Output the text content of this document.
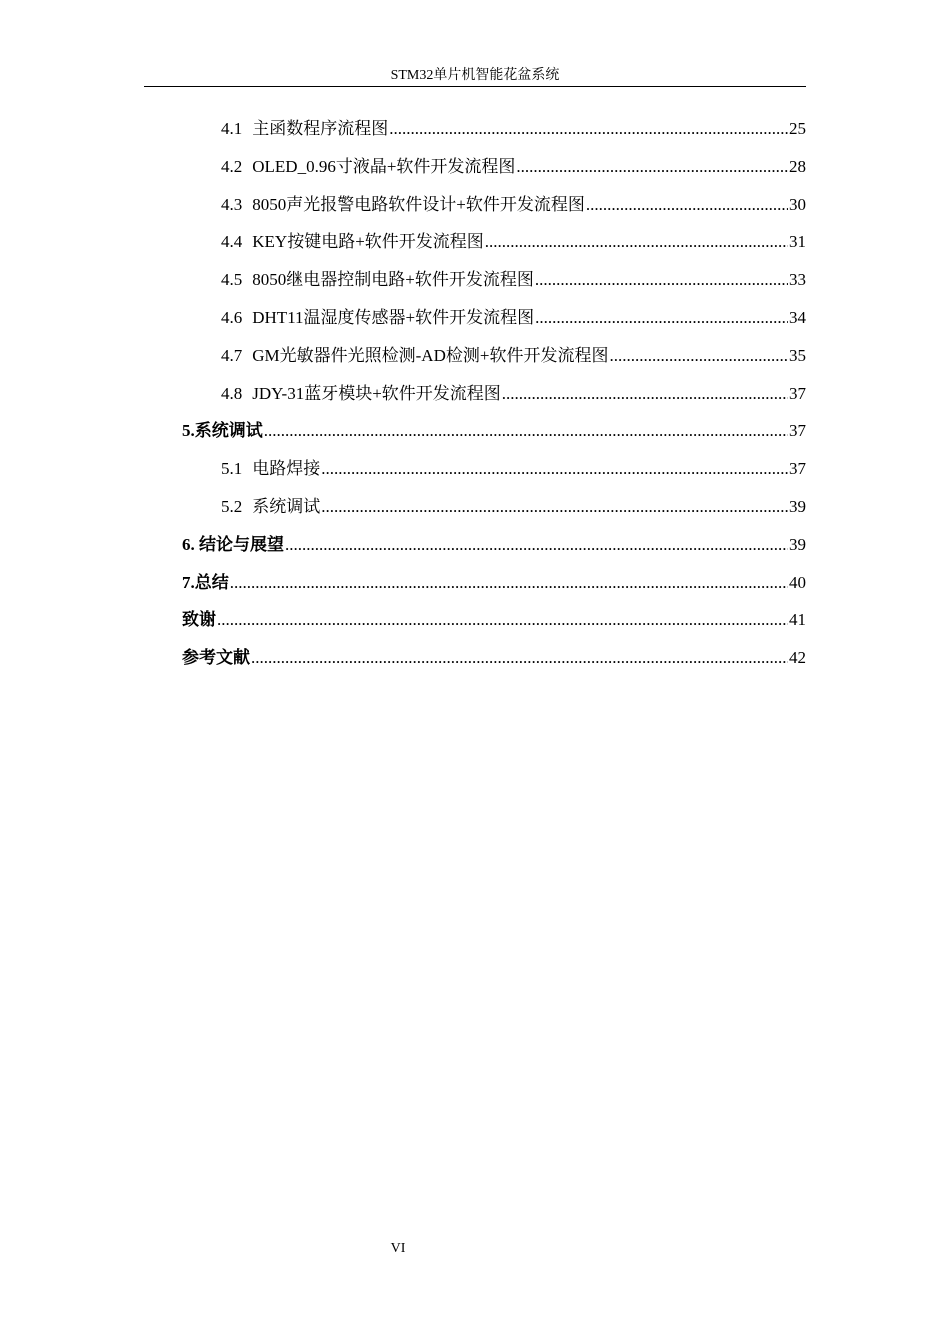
STM32单片机智能花盆系统
4.1 主函数程序流程图 .....	25
4.2 OLED_0.96寸液晶+软件开发流程图 .....	28
4.3 8050声光报警电路软件设计+软件开发流程图 .....	30
4.4 KEY按键电路+软件开发流程图 .....	31
4.5 8050继电器控制电路+软件开发流程图 .....	33
4.6 DHT11温湿度传感器+软件开发流程图 .....	34
4.7 GM光敏器件光照检测-AD检测+软件开发流程图 .....	35
4.8 JDY-31蓝牙模块+软件开发流程图 .....	37
5.系统调试 .....	37
5.1 电路焊接 .....	37
5.2 系统调试 .....	39
6. 结论与展望 .....	39
7.总结 .....	40
致谢 .....	41
参考文献 .....	42
VI
